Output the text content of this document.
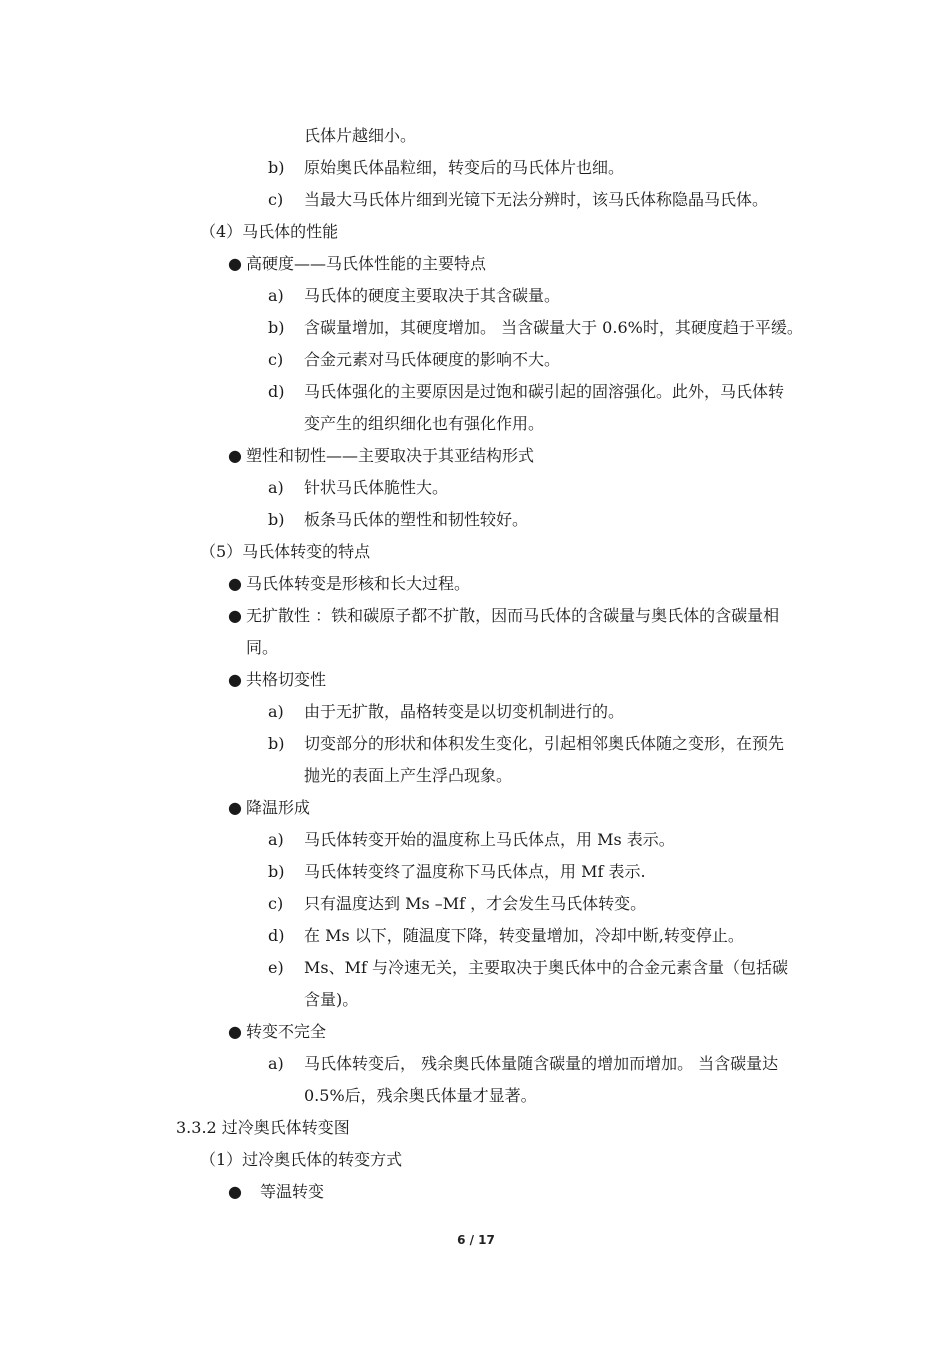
氏体片越细小。
b) 原始奥氏体晶粒细，转变后的马氏体片也细。
c) 当最大马氏体片细到光镜下无法分辨时，该马氏体称隐晶马氏体。
（4）马氏体的性能
● 高硬度——马氏体性能的主要特点
a) 马氏体的硬度主要取决于其含碳量。
b) 含碳量增加，其硬度增加。 当含碳量大于 0.6%时，其硬度趋于平缓。
c) 合金元素对马氏体硬度的影响不大。
d) 马氏体强化的主要原因是过饱和碳引起的固溶强化。此外，马氏体转
变产生的组织细化也有强化作用。
● 塑性和韧性——主要取决于其亚结构形式
a) 针状马氏体脆性大。
b) 板条马氏体的塑性和韧性较好。
（5）马氏体转变的特点
● 马氏体转变是形核和长大过程。
● 无扩散性 ：铁和碳原子都不扩散，因而马氏体的含碳量与奥氏体的含碳量相
同。
● 共格切变性
a) 由于无扩散，晶格转变是以切变机制进行的。
b) 切变部分的形状和体积发生变化，引起相邻奥氏体随之变形，在预先
抛光的表面上产生浮凸现象。
● 降温形成
a) 马氏体转变开始的温度称上马氏体点，用 Ms 表示。
b) 马氏体转变终了温度称下马氏体点，用 Mf 表示.
c) 只有温度达到 Ms –Mf ，才会发生马氏体转变。
d) 在 Ms 以下，随温度下降，转变量增加，冷却中断,转变停止。
e) Ms、Mf 与冷速无关，主要取决于奥氏体中的合金元素含量（包括碳
含量)。
● 转变不完全
a) 马氏体转变后， 残余奥氏体量随含碳量的增加而增加。 当含碳量达
0.5%后，残余奥氏体量才显著。
3.3.2 过冷奥氏体转变图
（1）过冷奥氏体的转变方式
● 等温转变
6 / 17
